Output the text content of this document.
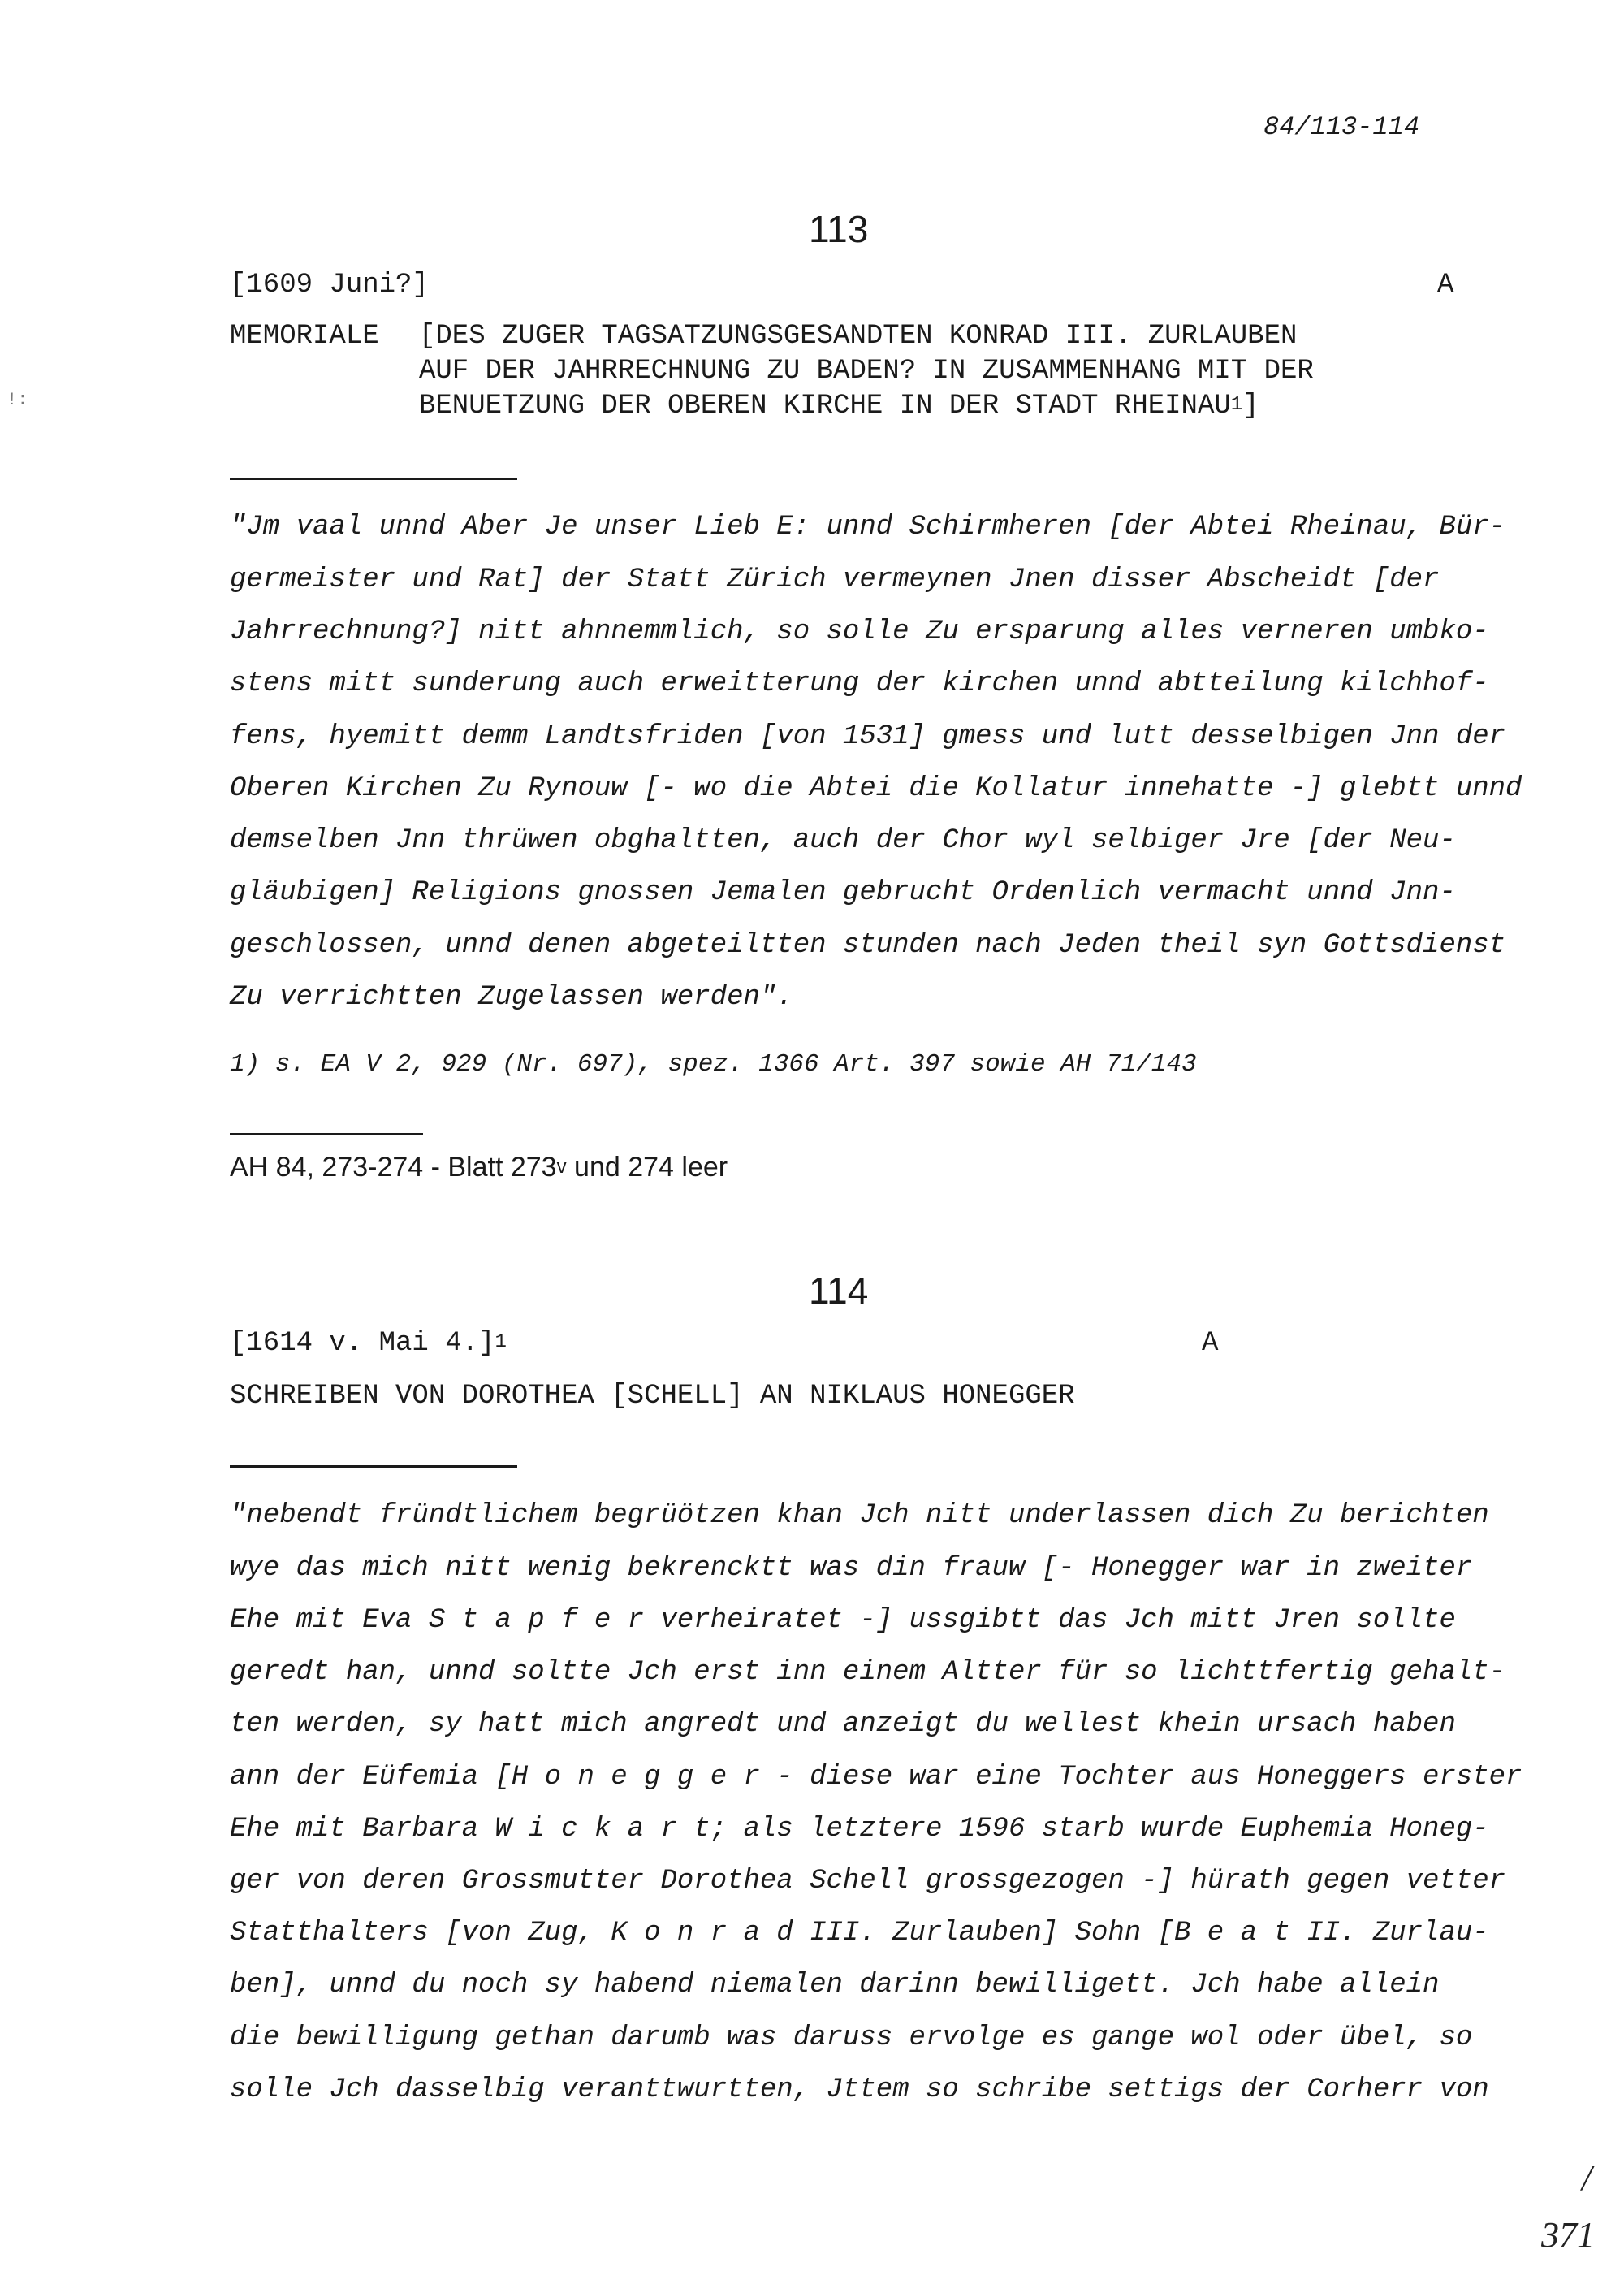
84/113-114
113
[1609 Juni?]	A
MEMORIALE [DES ZUGER TAGSATZUNGSGESANDTEN KONRAD III. ZURLAUBEN
AUF DER JAHRRECHNUNG ZU BADEN? IN ZUSAMMENHANG MIT DER
BENUETZUNG DER OBEREN KIRCHE IN DER STADT RHEINAU$^1$]
"Jm vaal unnd Aber Je unser Lieb E: unnd Schirmheren [der Abtei Rheinau, Bür-
germeister und Rat] der Statt Zürich vermeynen Jnen disser Abscheidt [der
Jahrrechnung?] nitt ahnnemmlich, so solle Zu ersparung alles verneren umbko-
stens mitt sunderung auch erweitterung der kirchen unnd abtteilung kilchhof-
fens, hyemitt demm Landtsfriden [von 1531] gmess und lutt desselbigen Jnn der
Oberen Kirchen Zu Rynouw [- wo die Abtei die Kollatur innehatte -] glebtt unnd
demselben Jnn thrüwen obghaltten, auch der Chor wyl selbiger Jre [der Neu-
gläubigen] Religions gnossen Jemalen gebrucht Ordenlich vermacht unnd Jnn-
geschlossen, unnd denen abgeteiltten stunden nach Jeden theil syn Gottsdienst
Zu verrichtten Zugelassen werden".
1) s. EA V 2, 929 (Nr. 697), spez. 1366 Art. 397 sowie AH 71/143
AH 84, 273-274 - Blatt 273$^v$ und 274 leer
114
[1614 v. Mai 4.]$^1$	A
SCHREIBEN VON DOROTHEA [SCHELL] AN NIKLAUS HONEGGER
"nebendt fründtlichem begrüötzen khan Jch nitt underlassen dich Zu berichten
wye das mich nitt wenig bekrencktt was din frauw [- Honegger war in zweiter
Ehe mit Eva S t a p f e r verheiratet -] ussgibtt das Jch mitt Jren sollte
geredt han, unnd soltte Jch erst inn einem Altter für so lichttfertig gehalt-
ten werden, sy hatt mich angredt und anzeigt du wellest khein ursach haben
ann der Eüfemia [H o n e g g e r - diese war eine Tochter aus Honeggers erster
Ehe mit Barbara W i c k a r t; als letztere 1596 starb wurde Euphemia Honeg-
ger von deren Grossmutter Dorothea Schell grossgezogen -] hürath gegen vetter
Statthalters [von Zug, K o n r a d III. Zurlauben] Sohn [B e a t II. Zurlau-
ben], unnd du noch sy habend niemalen darinn bewilligett. Jch habe allein
die bewilligung gethan darumb was daruss ervolge es gange wol oder übel, so
solle Jch dasselbig veranttwurtten, Jttem so schribe settigs der Corherr von
!:
/
371
